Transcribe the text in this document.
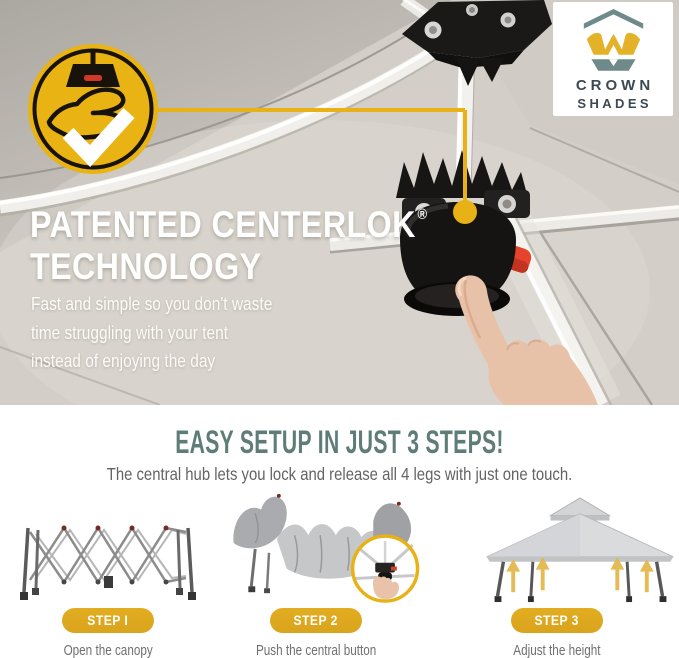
CROWN
SHADES
PATENTED CENTERLOK ®
TECHNOLOGY

Fast and simple so you don't waste
time struggling with your tent
instead of enjoying the day

EASY SETUP IN JUST 3 STEPS!

The central hub lets you lock and release all 4 legs with just one touch.

STEP I
Open the canopy
STEP 2
Push the central button
STEP 3
Adjust the height
